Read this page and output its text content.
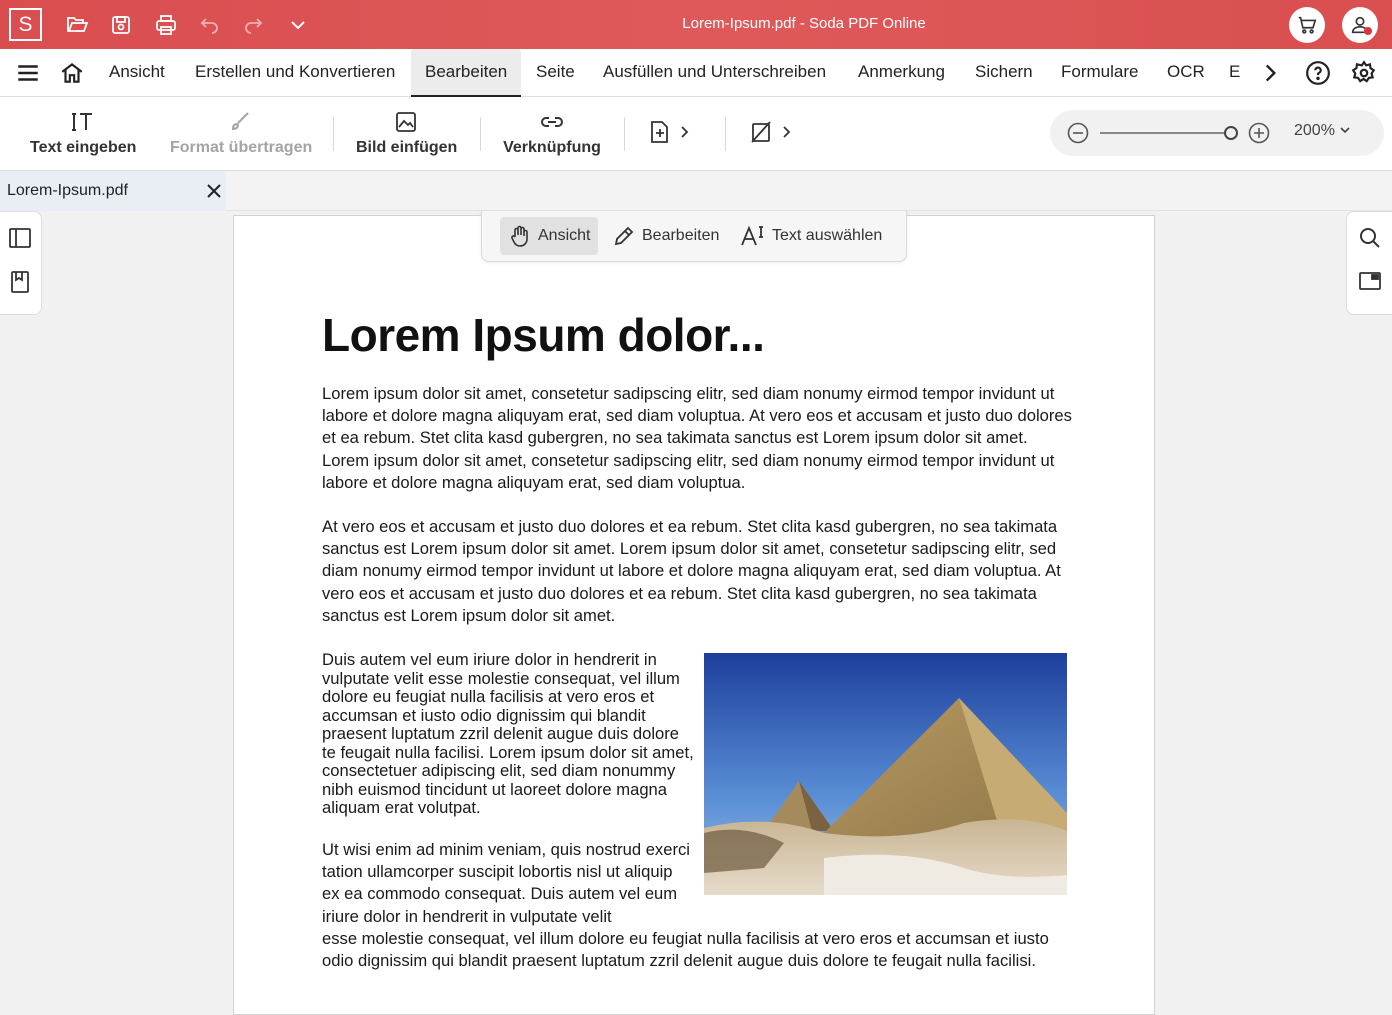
S	Lorem-Ipsum.pdf - Soda PDF Online
Ansicht Erstellen und Konvertieren	Bearbeiten	Seite Ausfüllen und Unterschreiben Anmerkung Sichern Formulare OCR E
Text eingeben Format übertragen	Bild einfügen	Verknüpfung
200%
Lorem-Ipsum.pdf
Lorem Ipsum dolor...

Lorem ipsum dolor sit amet, consetetur sadipscing elitr, sed diam nonumy eirmod tempor invidunt ut labore et dolore magna aliquyam erat, sed diam voluptua. At vero eos et accusam et justo duo dolores et ea rebum. Stet clita kasd gubergren, no sea takimata sanctus est Lorem ipsum dolor sit amet. Lorem ipsum dolor sit amet, consetetur sadipscing elitr, sed diam nonumy eirmod tempor invidunt ut labore et dolore magna aliquyam erat, sed diam voluptua.

At vero eos et accusam et justo duo dolores et ea rebum. Stet clita kasd gubergren, no sea takimata sanctus est Lorem ipsum dolor sit amet. Lorem ipsum dolor sit amet, consetetur sadipscing elitr, sed diam nonumy eirmod tempor invidunt ut labore et dolore magna aliquyam erat, sed diam voluptua. At vero eos et accusam et justo duo dolores et ea rebum. Stet clita kasd gubergren, no sea takimata sanctus est Lorem ipsum dolor sit amet.

Duis autem vel eum iriure dolor in hendrerit in vulputate velit esse molestie consequat, vel illum dolore eu feugiat nulla facilisis at vero eros et accumsan et iusto odio dignissim qui blandit praesent luptatum zzril delenit augue duis dolore te feugait nulla facilisi. Lorem ipsum dolor sit amet, consectetuer adipiscing elit, sed diam nonummy nibh euismod tincidunt ut laoreet dolore magna aliquam erat volutpat.

Ut wisi enim ad minim veniam, quis nostrud exerci tation ullamcorper suscipit lobortis nisl ut aliquip ex ea commodo consequat. Duis autem vel eum iriure dolor in hendrerit in vulputate velit

esse molestie consequat, vel illum dolore eu feugiat nulla facilisis at vero eros et accumsan et iusto odio dignissim qui blandit praesent luptatum zzril delenit augue duis dolore te feugait nulla facilisi.

Ansicht	Bearbeiten	Text auswählen
